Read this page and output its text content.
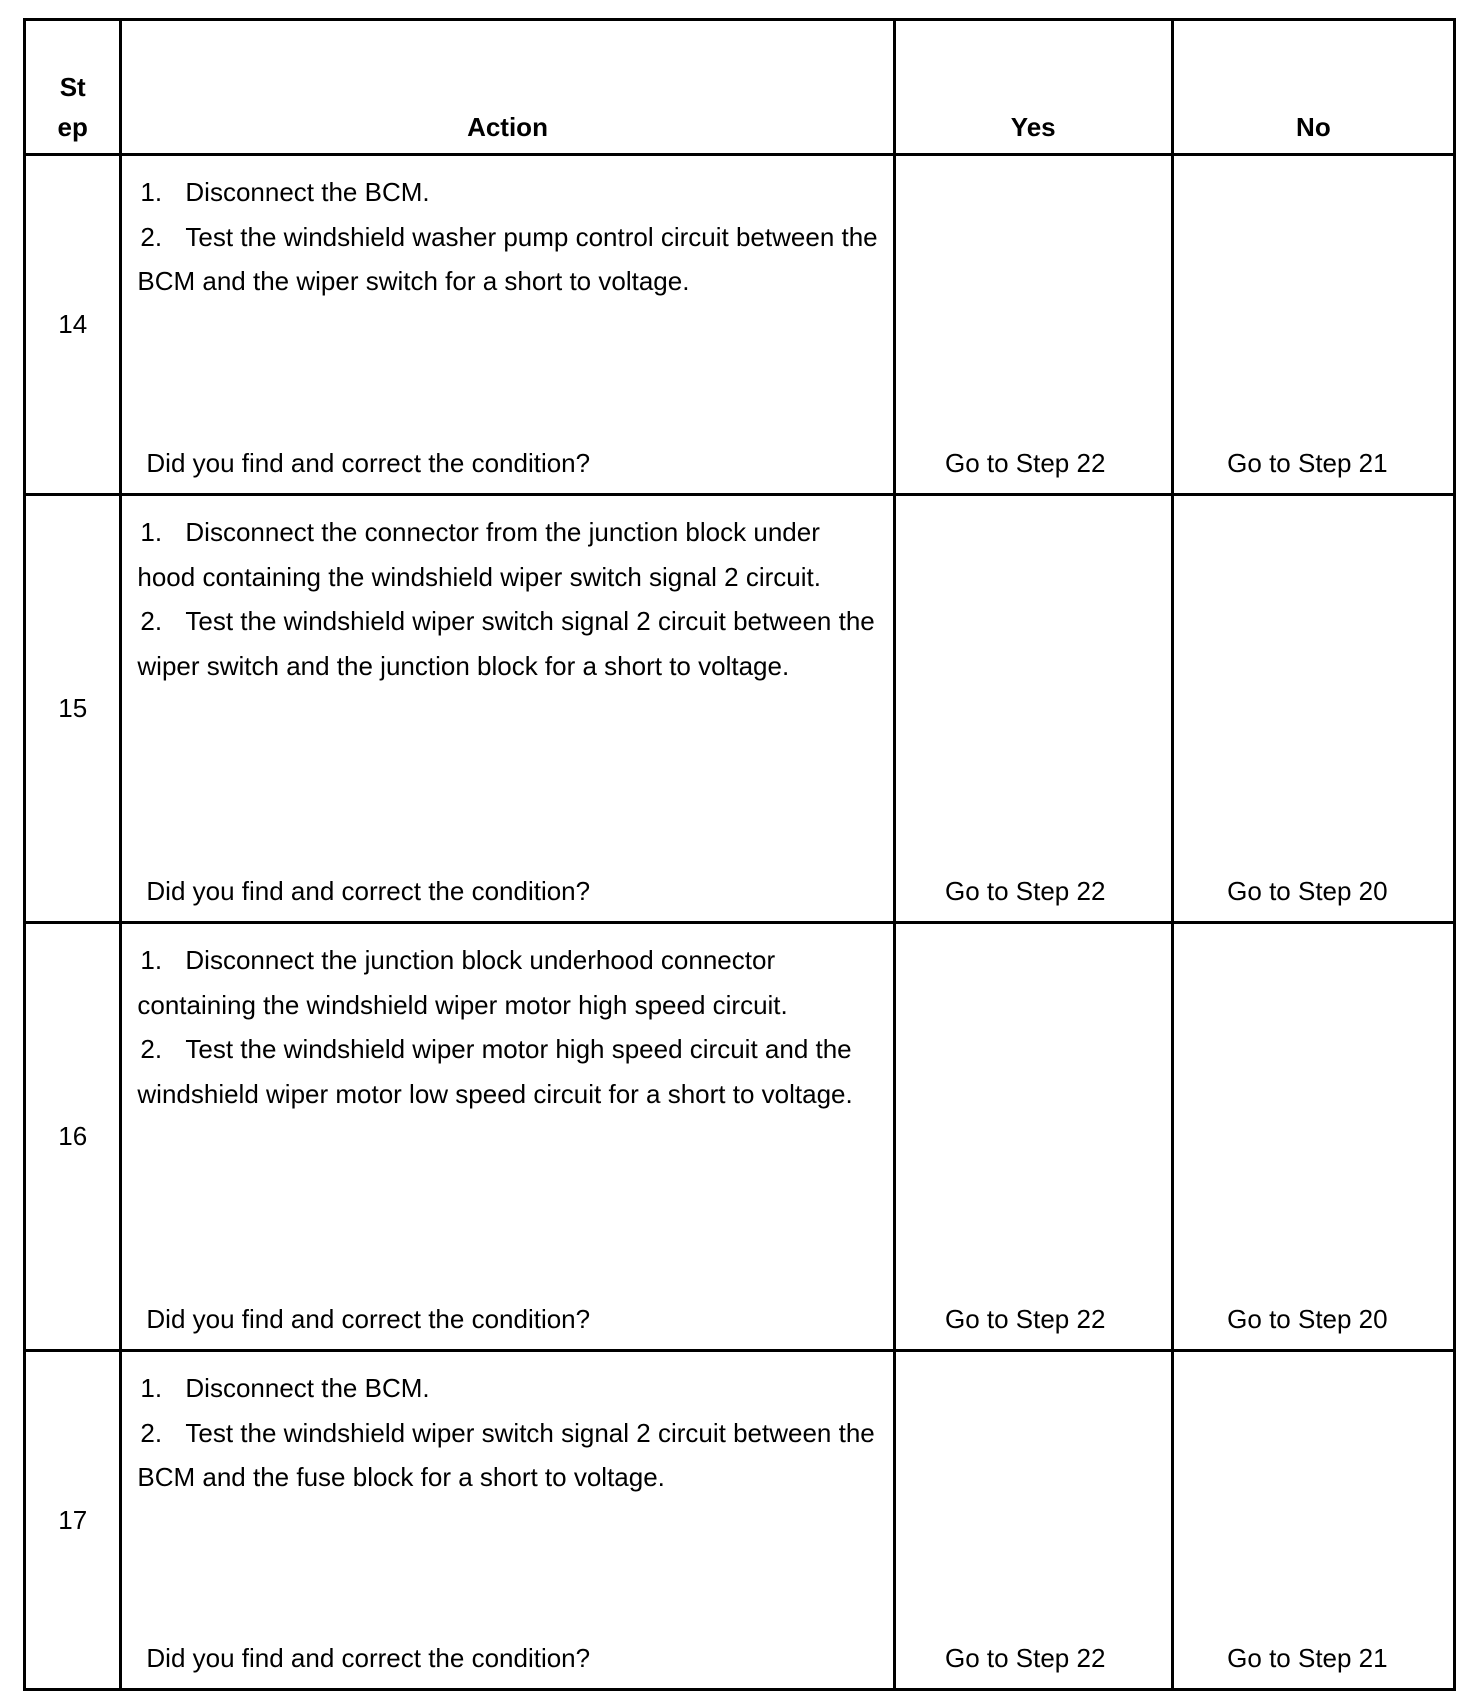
St
ep	Action	Yes	No
14	1. Disconnect the BCM.
2. Test the windshield washer pump control circuit between the BCM and the wiper switch for a short to voltage.
Did you find and correct the condition?	Go to Step 22	Go to Step 21
15	1. Disconnect the connector from the junction block under hood containing the windshield wiper switch signal 2 circuit.
2. Test the windshield wiper switch signal 2 circuit between the wiper switch and the junction block for a short to voltage.
Did you find and correct the condition?	Go to Step 22	Go to Step 20
16	1. Disconnect the junction block underhood connector containing the windshield wiper motor high speed circuit.
2. Test the windshield wiper motor high speed circuit and the windshield wiper motor low speed circuit for a short to voltage.
Did you find and correct the condition?	Go to Step 22	Go to Step 20
17	1. Disconnect the BCM.
2. Test the windshield wiper switch signal 2 circuit between the BCM and the fuse block for a short to voltage.
Did you find and correct the condition?	Go to Step 22	Go to Step 21
